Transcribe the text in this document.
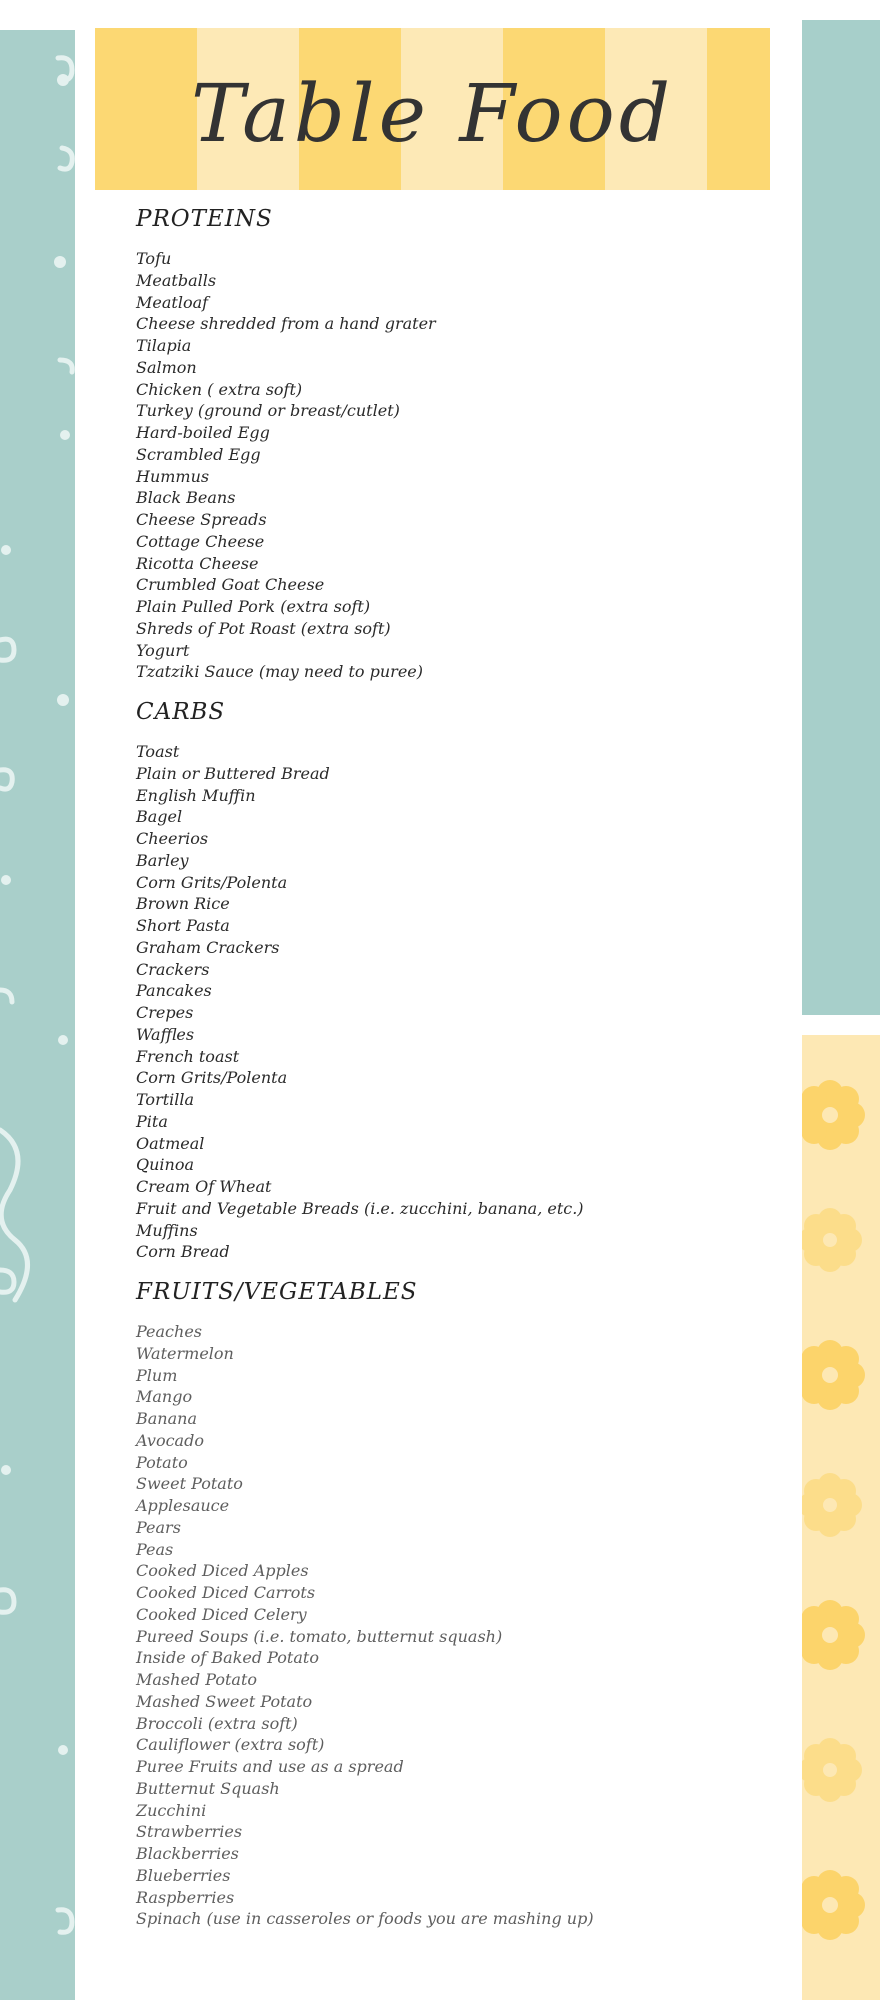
Table Food
PROTEINS
Tofu
Meatballs
Meatloaf
Cheese shredded from a hand grater
Tilapia
Salmon
Chicken ( extra soft)
Turkey (ground or breast/cutlet)
Hard-boiled Egg
Scrambled Egg
Hummus
Black Beans
Cheese Spreads
Cottage Cheese
Ricotta Cheese
Crumbled Goat Cheese
Plain Pulled Pork (extra soft)
Shreds of Pot Roast (extra soft)
Yogurt
Tzatziki Sauce (may need to puree)
CARBS
Toast
Plain or Buttered Bread
English Muffin
Bagel
Cheerios
Barley
Corn Grits/Polenta
Brown Rice
Short Pasta
Graham Crackers
Crackers
Pancakes
Crepes
Waffles
French toast
Corn Grits/Polenta
Tortilla
Pita
Oatmeal
Quinoa
Cream Of Wheat
Fruit and Vegetable Breads (i.e. zucchini, banana, etc.)
Muffins
Corn Bread
FRUITS/VEGETABLES
Peaches
Watermelon
Plum
Mango
Banana
Avocado
Potato
Sweet Potato
Applesauce
Pears
Peas
Cooked Diced Apples
Cooked Diced Carrots
Cooked Diced Celery
Pureed Soups (i.e. tomato, butternut squash)
Inside of Baked Potato
Mashed Potato
Mashed Sweet Potato
Broccoli (extra soft)
Cauliflower (extra soft)
Puree Fruits and use as a spread
Butternut Squash
Zucchini
Strawberries
Blackberries
Blueberries
Raspberries
Spinach (use in casseroles or foods you are mashing up)
